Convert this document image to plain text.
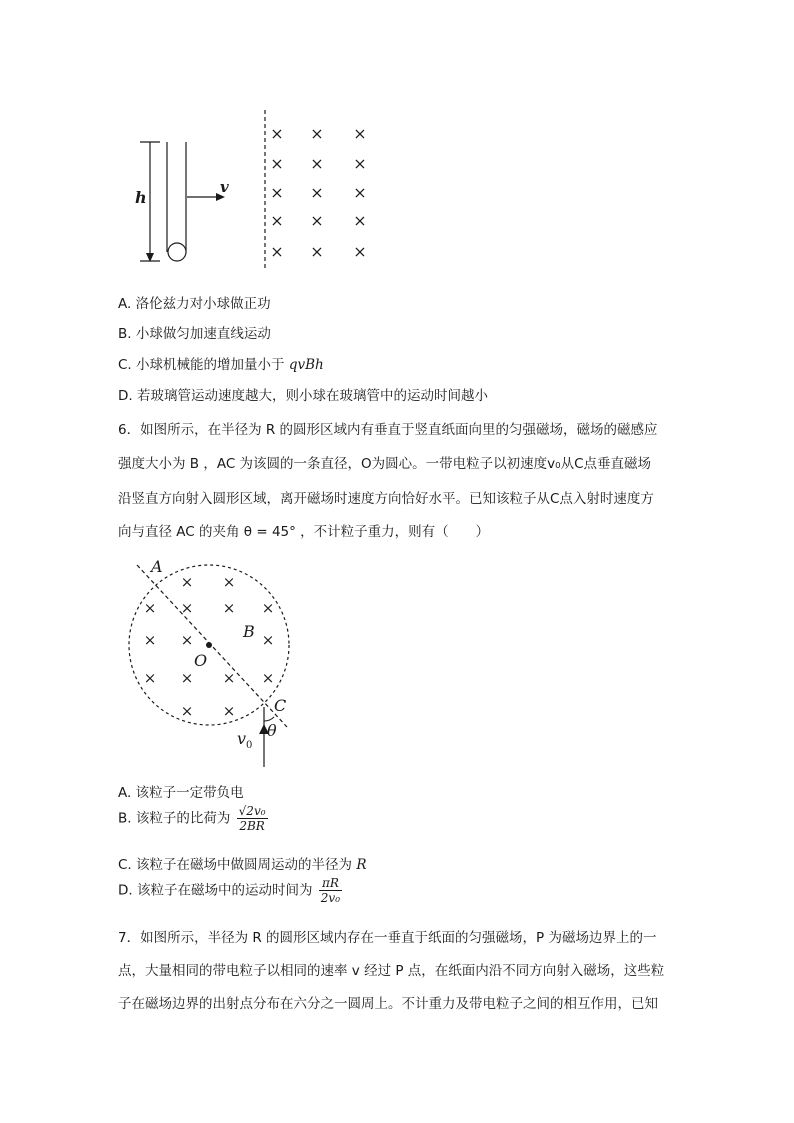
h
v
× × ×
× × ×
× × ×
× × ×
× × ×
A. 洛伦兹力对小球做正功
B. 小球做匀加速直线运动
C. 小球机械能的增加量小于 qvBh
D. 若玻璃管运动速度越大，则小球在玻璃管中的运动时间越小
6．如图所示，在半径为 R 的圆形区域内有垂直于竖直纸面向里的匀强磁场，磁场的磁感应
强度大小为 B ，AC 为该圆的一条直径，O为圆心。一带电粒子以初速度v₀从C点垂直磁场
沿竖直方向射入圆形区域，离开磁场时速度方向恰好水平。已知该粒子从C点入射时速度方
向与直径 AC 的夹角 θ = 45° ，不计粒子重力，则有（　　）
× ×
× × × ×
× ×	×
× × × ×
× ×
A
B
O
C
$v_0$
θ
A. 该粒子一定带负电
B. 该粒子的比荷为 $\frac{\text{√2v₀}}{2BR}$
C. 该粒子在磁场中做圆周运动的半径为 R
D. 该粒子在磁场中的运动时间为 $\frac{\pi R}{\text{2v₀}}$
7．如图所示，半径为 R 的圆形区域内存在一垂直于纸面的匀强磁场，P 为磁场边界上的一
点，大量相同的带电粒子以相同的速率 v 经过 P 点，在纸面内沿不同方向射入磁场，这些粒
子在磁场边界的出射点分布在六分之一圆周上。不计重力及带电粒子之间的相互作用，已知
